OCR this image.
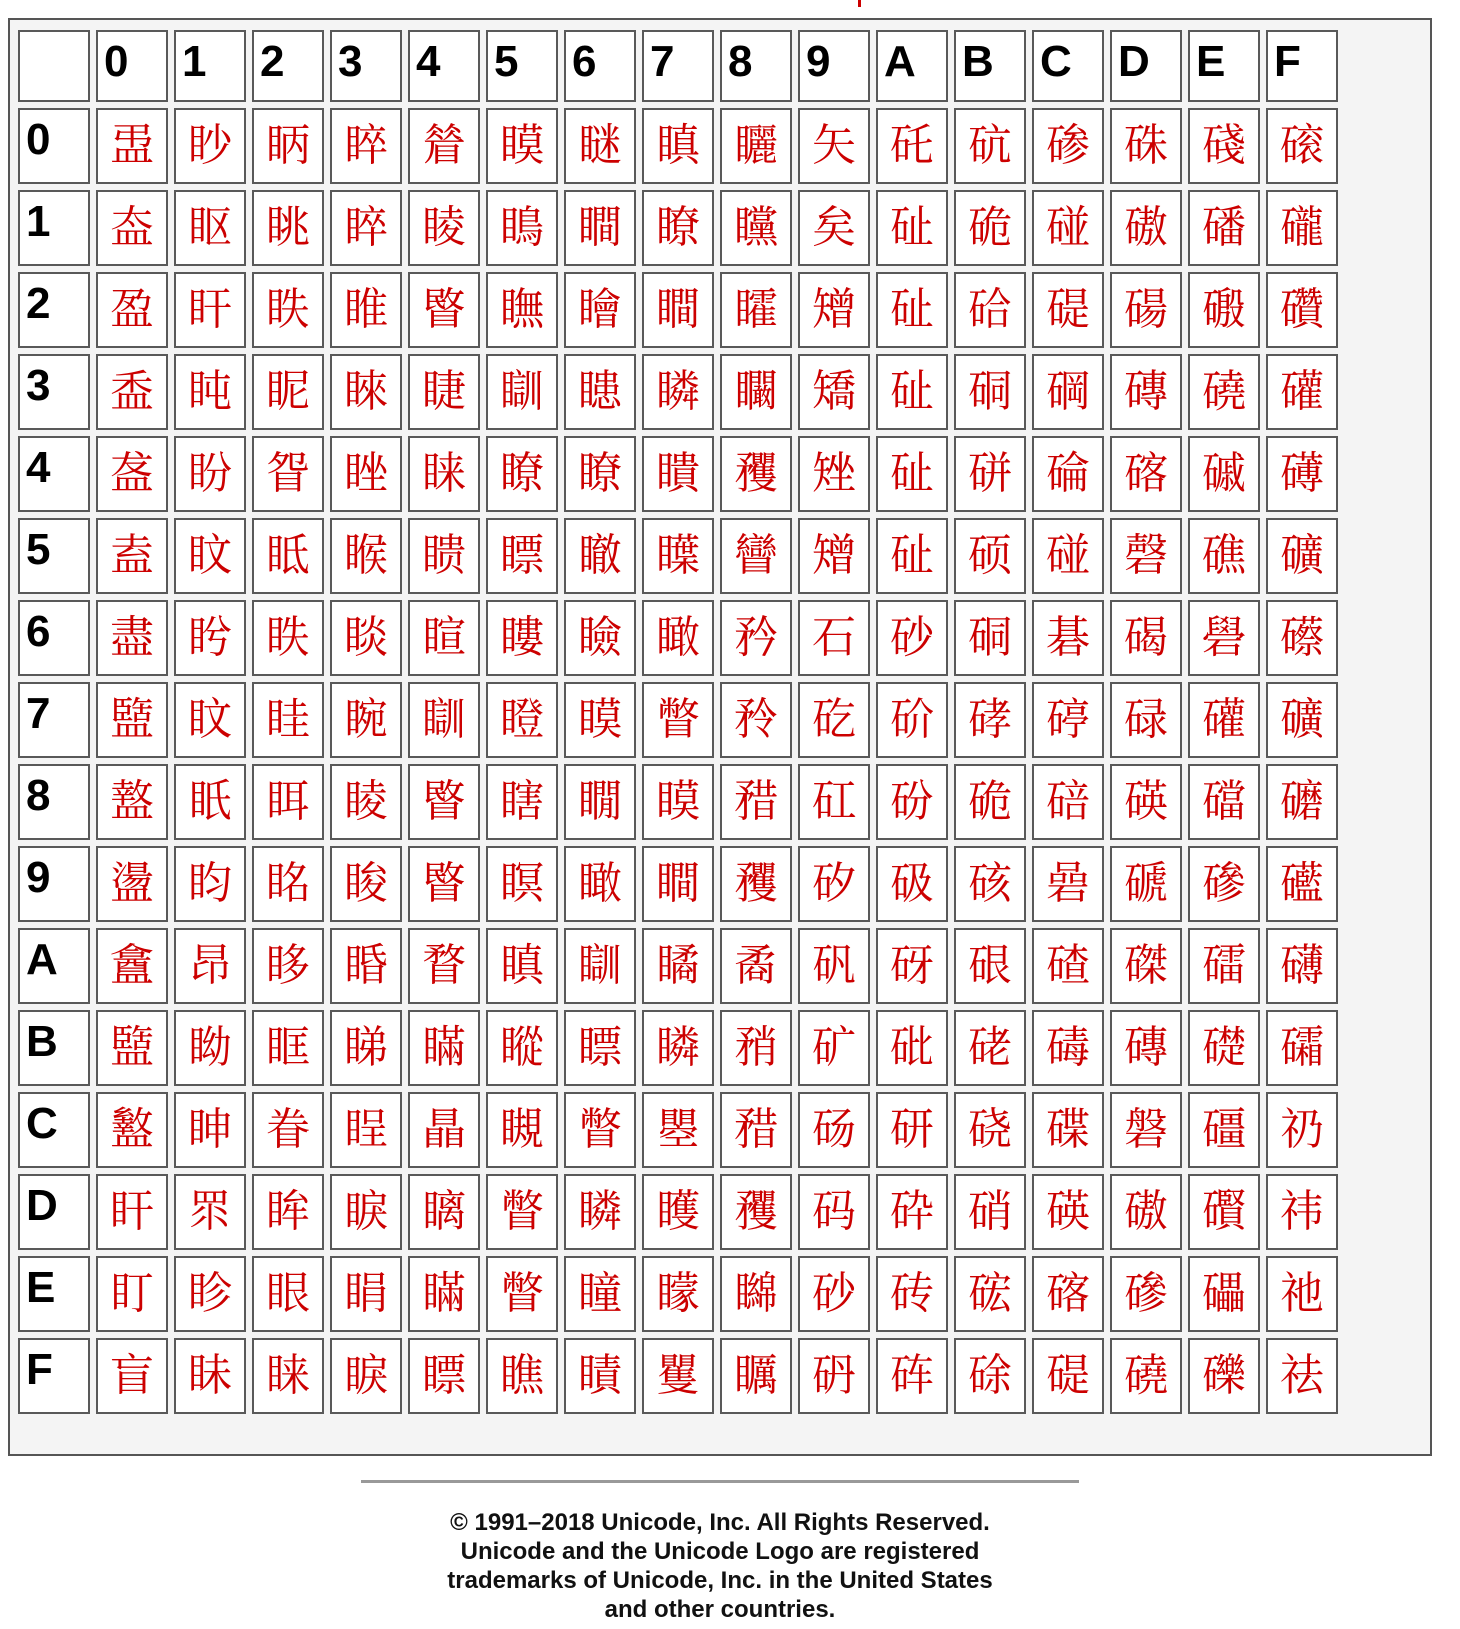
	0	1	2	3	4	5	6	7	8	9	A	B	C	D	E	F

0	盄	眇	眪	睟	䁞	瞙	瞇	瞋	矖	矢	矺	砊	碜	硃	碊	磙

1	盇	眍	眺	睟	睖	瞗	瞷	瞭	矘	矣	砋	硊	碰	磝	磻	礲

2	盈	盰	眣	睢	睯	瞴	瞺	瞷	矐	矰	砋	硆	碮	碭	磤	礸

3	盉	盹	眤	睞	睫	瞓	瞣	瞵	矙	矯	砋	硐	碙	磚	磽	礶

4	盋	盼	眢	睉	睐	瞭	瞭	瞶	矡	矬	砋	硑	碖	碦	磩	礡

5	盍	盿	眡	睺	瞆	瞟	瞮	瞸	矕	矰	砋	硕	碰	磬	礁	礦

6	盡	盻	眣	睒	睻	瞜	瞼	瞰	矜	石	砂	硐	碁	碣	礐	礤

7	盬	盿	眭	睕	瞓	瞪	瞙	瞥	矝	矻	砎	硣	碠	碌	礶	礦

8	盩	眂	眲	睖	睯	瞎	瞯	瞙	矠	矼	砏	硊	碚	碤	礑	礳

9	盪	盷	眳	睃	睯	瞑	瞰	瞷	矡	矽	砐	硋	碞	磃	磣	礷

A	盫	昂	眵	睧	瞀	瞋	瞓	瞲	矞	矾	砑	硍	碴	磔	礌	礴

B	盬	眑	眶	睇	瞞	瞛	瞟	瞵	矟	矿	砒	硓	碡	磚	礎	礵

C	盭	眒	眷	睈	瞐	瞡	瞥	瞾	矠	砀	研	硗	碟	磐	礓	礽

D	盰	眔	眸	睙	瞝	瞥	瞵	矆	矡	码	砕	硝	碤	磝	礥	祎

E	盯	眕	眼	睊	瞞	瞥	瞳	矇	矊	砂	砖	硡	碦	磣	礧	祂

F	盲	眛	睐	睙	瞟	瞧	瞔	矍	矋	砃	砗	硢	碮	磽	礫	祛

© 1991–2018 Unicode, Inc. All Rights Reserved.
Unicode and the Unicode Logo are registered
trademarks of Unicode, Inc. in the United States
and other countries.
